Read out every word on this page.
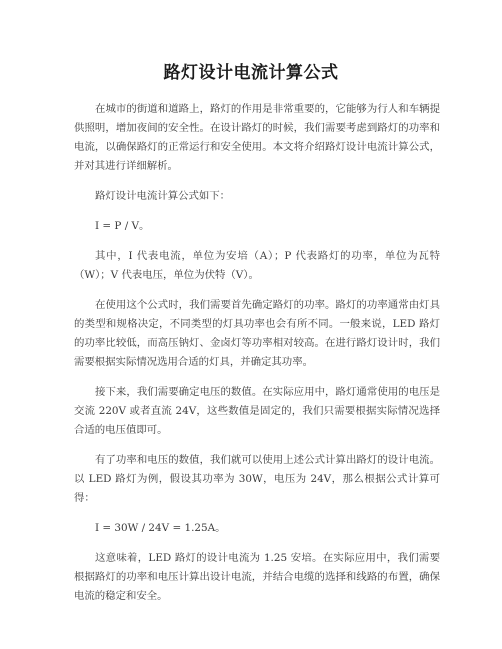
路灯设计电流计算公式

在城市的街道和道路上，路灯的作用是非常重要的，它能够为行人和车辆提供照明，增加夜间的安全性。在设计路灯的时候，我们需要考虑到路灯的功率和电流，以确保路灯的正常运行和安全使用。本文将介绍路灯设计电流计算公式，并对其进行详细解析。

路灯设计电流计算公式如下：

I = P / V。

其中，I 代表电流，单位为安培（A）；P 代表路灯的功率，单位为瓦特（W）；V 代表电压，单位为伏特（V）。

在使用这个公式时，我们需要首先确定路灯的功率。路灯的功率通常由灯具的类型和规格决定，不同类型的灯具功率也会有所不同。一般来说，LED 路灯的功率比较低，而高压钠灯、金卤灯等功率相对较高。在进行路灯设计时，我们需要根据实际情况选用合适的灯具，并确定其功率。

接下来，我们需要确定电压的数值。在实际应用中，路灯通常使用的电压是交流 220V 或者直流 24V，这些数值是固定的，我们只需要根据实际情况选择合适的电压值即可。

有了功率和电压的数值，我们就可以使用上述公式计算出路灯的设计电流。以 LED 路灯为例，假设其功率为 30W，电压为 24V，那么根据公式计算可得：

I = 30W / 24V = 1.25A。

这意味着，LED 路灯的设计电流为 1.25 安培。在实际应用中，我们需要根据路灯的功率和电压计算出设计电流，并结合电缆的选择和线路的布置，确保电流的稳定和安全。
